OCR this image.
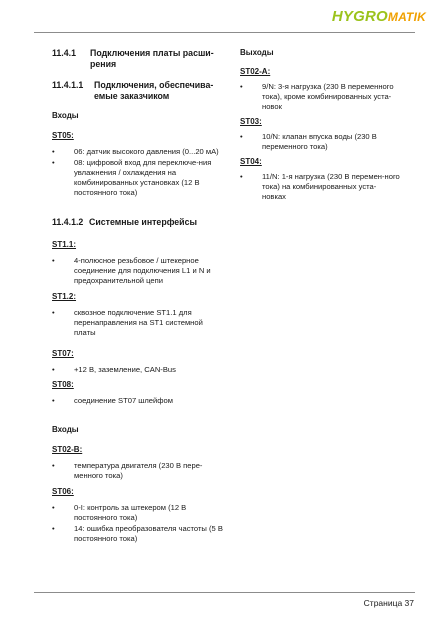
HYGROMATIK
11.4.1	Подключения платы расши-рения
11.4.1.1	Подключения, обеспечива-емые заказчиком
Входы
ST05:
• 06: датчик высокого давления (0...20 мА)
• 08: цифровой вход для переключе-ния увлажнения / охлаждения на комбинированных установках (12 В постоянного тока)
11.4.1.2 Системные интерфейсы
ST1.1:
• 4-полюсное резьбовое / штекерное соединение для подключения L1 и N и предохранительной цепи
ST1.2:
• сквозное подключение ST1.1 для перенаправления на ST1 системной платы
ST07:
• +12 В, заземление, CAN-Bus
ST08:
• соединение ST07 шлейфом
Входы
ST02-B:
• температура двигателя (230 В пере-менного тока)
ST06:
• 0-I: контроль за штекером (12 В постоянного тока)
• 14: ошибка преобразователя частоты (5 В постоянного тока)
Выходы
ST02-A:
• 9/N: 3-я нагрузка (230 В переменного тока), кроме комбинированных уста-новок
ST03:
• 10/N: клапан впуска воды (230 В переменного тока)
ST04:
• 11/N: 1-я нагрузка (230 В перемен-ного тока) на комбинированных уста-новках
Страница 37
